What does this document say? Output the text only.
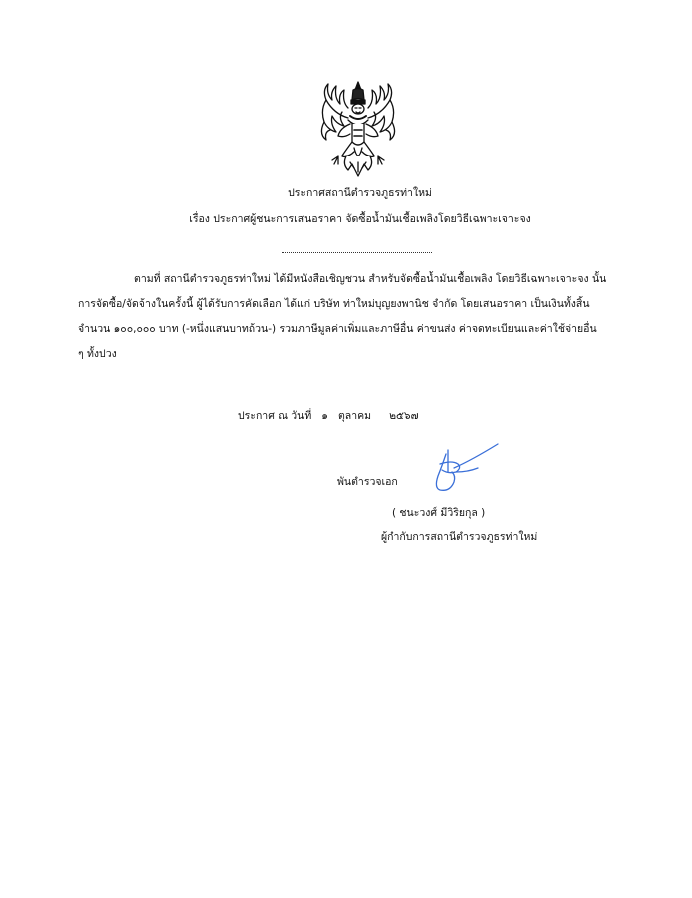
ประกาศสถานีตำรวจภูธรท่าใหม่
เรื่อง ประกาศผู้ชนะการเสนอราคา จัดซื้อน้ำมันเชื้อเพลิงโดยวิธีเฉพาะเจาะจง
ตามที่ สถานีตำรวจภูธรท่าใหม่ ได้มีหนังสือเชิญชวน สำหรับจัดซื้อน้ำมันเชื้อเพลิง โดยวิธีเฉพาะเจาะจง นั้น
การจัดซื้อ/จัดจ้างในครั้งนี้ ผู้ได้รับการคัดเลือก ได้แก่ บริษัท ท่าใหม่บุญยงพานิช จำกัด โดยเสนอราคา เป็นเงินทั้งสิ้น
จำนวน ๑๐๐,๐๐๐ บาท (-หนึ่งแสนบาทถ้วน-) รวมภาษีมูลค่าเพิ่มและภาษีอื่น ค่าขนส่ง ค่าจดทะเบียนและค่าใช้จ่ายอื่น
ๆ ทั้งปวง
ประกาศ ณ วันที่ ๑ ตุลาคม ๒๕๖๗
พันตำรวจเอก
( ชนะวงศ์ มีวิริยกุล )
ผู้กำกับการสถานีตำรวจภูธรท่าใหม่
